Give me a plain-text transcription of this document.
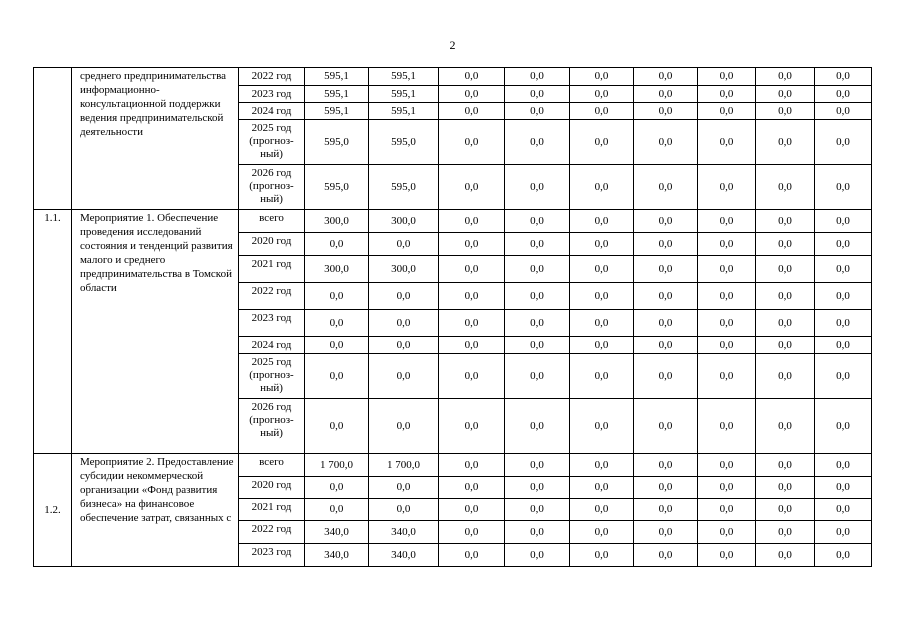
2
	среднего предпринимательства информационно-консультационной поддержки ведения предпринимательской деятельности	2022 год	595,1	595,1	0,0	0,0	0,0	0,0	0,0	0,0	0,0
		2023 год	595,1	595,1	0,0	0,0	0,0	0,0	0,0	0,0	0,0
		2024 год	595,1	595,1	0,0	0,0	0,0	0,0	0,0	0,0	0,0
		2025 год (прогноз-ный)	595,0	595,0	0,0	0,0	0,0	0,0	0,0	0,0	0,0
		2026 год (прогноз-ный)	595,0	595,0	0,0	0,0	0,0	0,0	0,0	0,0	0,0
1.1.	Мероприятие 1. Обеспечение проведения исследований состояния и тенденций развития малого и среднего предпринимательства в Томской области	всего	300,0	300,0	0,0	0,0	0,0	0,0	0,0	0,0	0,0
		2020 год	0,0	0,0	0,0	0,0	0,0	0,0	0,0	0,0	0,0
		2021 год	300,0	300,0	0,0	0,0	0,0	0,0	0,0	0,0	0,0
		2022 год	0,0	0,0	0,0	0,0	0,0	0,0	0,0	0,0	0,0
		2023 год	0,0	0,0	0,0	0,0	0,0	0,0	0,0	0,0	0,0
		2024 год	0,0	0,0	0,0	0,0	0,0	0,0	0,0	0,0	0,0
		2025 год (прогноз-ный)	0,0	0,0	0,0	0,0	0,0	0,0	0,0	0,0	0,0
		2026 год (прогноз-ный)	0,0	0,0	0,0	0,0	0,0	0,0	0,0	0,0	0,0
1.2.	Мероприятие 2. Предоставление субсидии некоммерческой организации «Фонд развития бизнеса» на финансовое обеспечение затрат, связанных с	всего	1 700,0	1 700,0	0,0	0,0	0,0	0,0	0,0	0,0	0,0
		2020 год	0,0	0,0	0,0	0,0	0,0	0,0	0,0	0,0	0,0
		2021 год	0,0	0,0	0,0	0,0	0,0	0,0	0,0	0,0	0,0
		2022 год	340,0	340,0	0,0	0,0	0,0	0,0	0,0	0,0	0,0
		2023 год	340,0	340,0	0,0	0,0	0,0	0,0	0,0	0,0	0,0
